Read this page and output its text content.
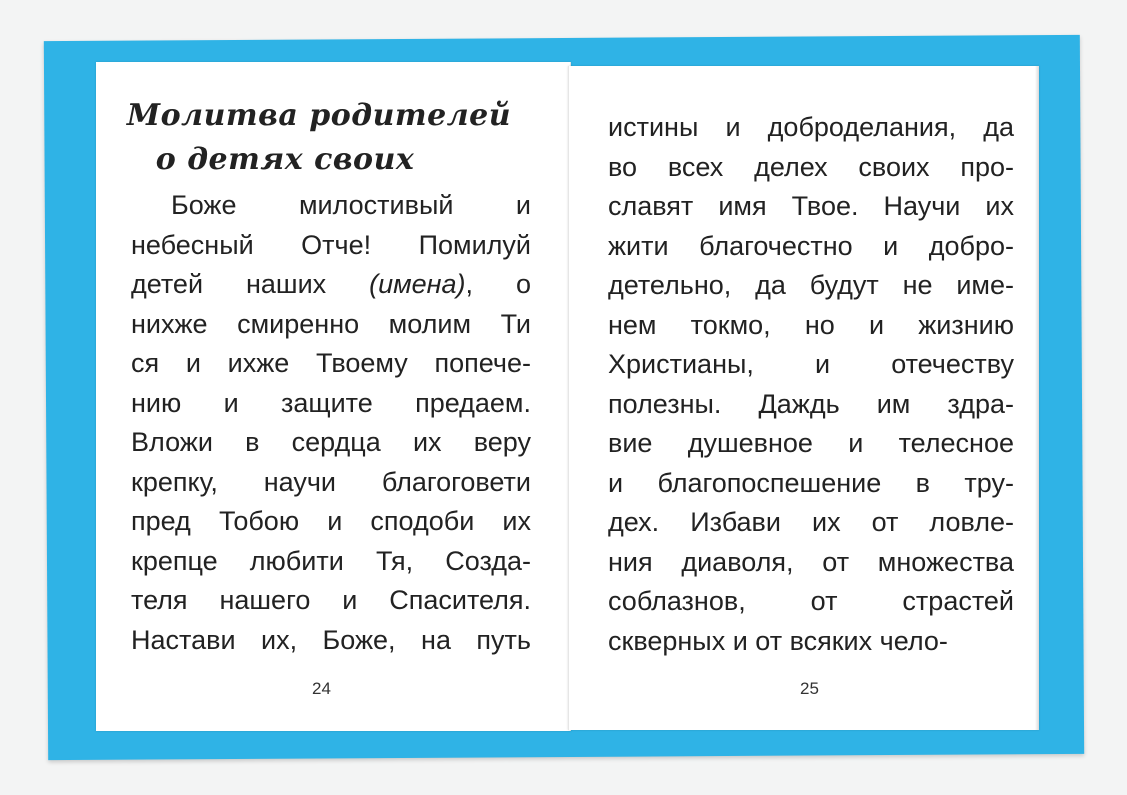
Молитва родителей
о детях своих
Боже милостивый и
небесный Отче! Помилуй
детей наших (имена), о
нихже смиренно молим Ти
ся и ихже Твоему попече-
нию и защите предаем.
Вложи в сердца их веру
крепку, научи благоговети
пред Тобою и сподоби их
крепце любити Тя, Созда-
теля нашего и Спасителя.
Настави их, Боже, на путь
истины и доброделания, да
во всех делех своих про-
славят имя Твое. Научи их
жити благочестно и добро-
детельно, да будут не име-
нем токмо, но и жизнию
Христианы, и отечеству
полезны. Даждь им здра-
вие душевное и телесное
и благопоспешение в тру-
дех. Избави их от ловле-
ния диаволя, от множества
соблазнов, от страстей
скверных и от всяких чело-
24	25
